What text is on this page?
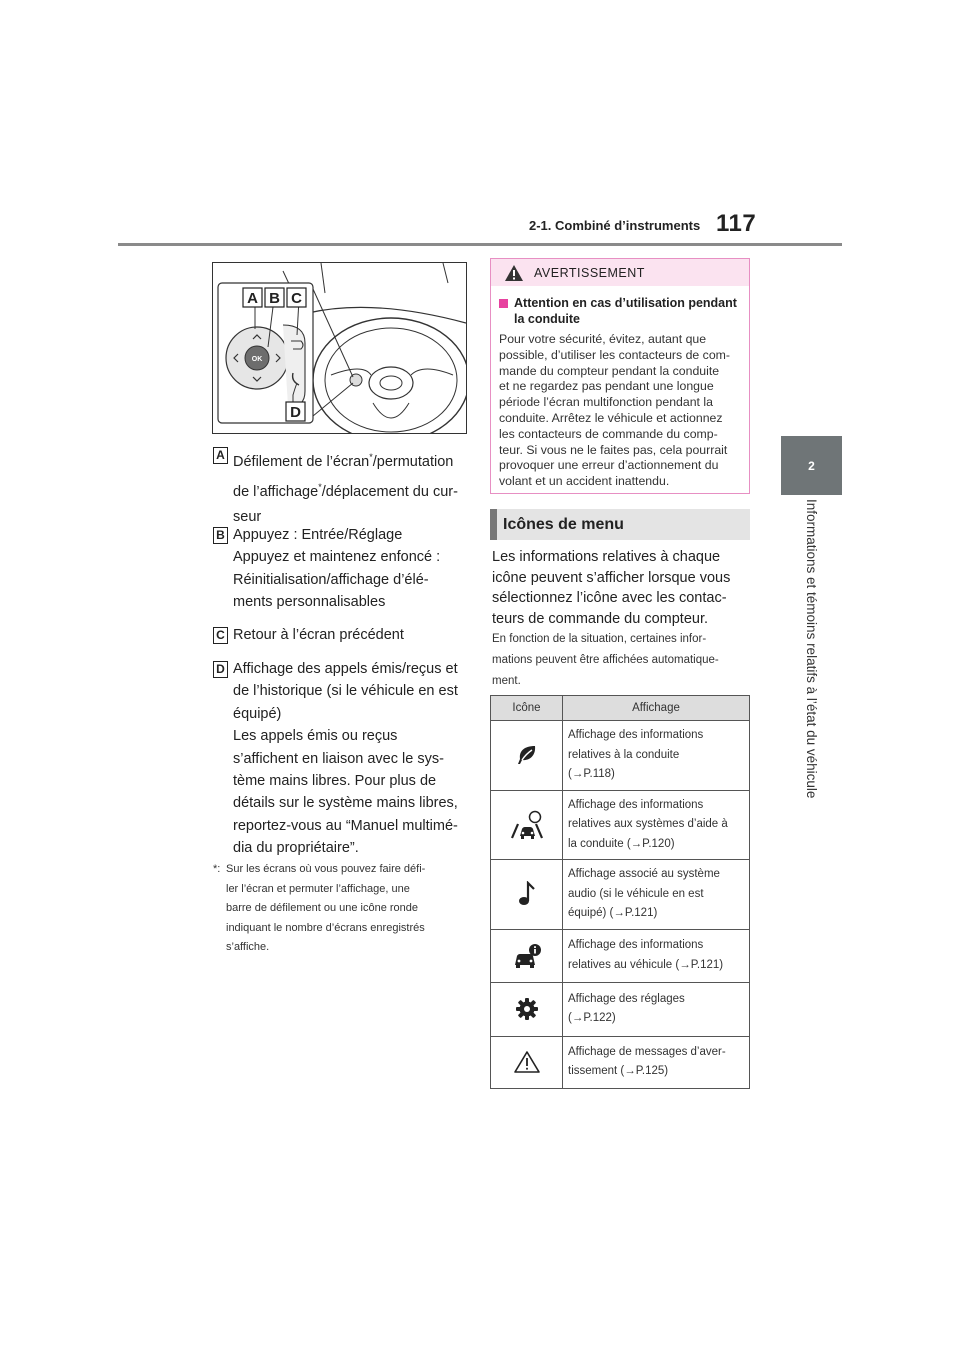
2-1. Combiné d’instruments 117
2
Informations et témoins relatifs à l’état du véhicule
OK
A B C
D
A Défilement de l’écran*/permutation

de l’affichage*/déplacement du cur-

seur

B Appuyez : Entrée/Réglage

Appuyez et maintenez enfoncé :

Réinitialisation/affichage d’élé-

ments personnalisables

C Retour à l’écran précédent

D Affichage des appels émis/reçus et

de l’historique (si le véhicule en est

équipé)

Les appels émis ou reçus

s’affichent en liaison avec le sys-

tème mains libres. Pour plus de

détails sur le système mains libres,

reportez-vous au “Manuel multimé-

dia du propriétaire”.

*: Sur les écrans où vous pouvez faire défi-
ler l’écran et permuter l’affichage, une
barre de défilement ou une icône ronde
indiquant le nombre d’écrans enregistrés
s’affiche.
AVERTISSEMENT
Attention en cas d’utilisation pendant
la conduite
Pour votre sécurité, évitez, autant que
possible, d’utiliser les contacteurs de com-
mande du compteur pendant la conduite
et ne regardez pas pendant une longue
période l’écran multifonction pendant la
conduite. Arrêtez le véhicule et actionnez
les contacteurs de commande du comp-
teur. Si vous ne le faites pas, cela pourrait
provoquer une erreur d’actionnement du
volant et un accident inattendu.
Icônes de menu
Les informations relatives à chaque
icône peuvent s’afficher lorsque vous
sélectionnez l’icône avec les contac-
teurs de commande du compteur.
En fonction de la situation, certaines infor-
mations peuvent être affichées automatique-
ment.
Icône	Affichage

Affichage des informations
relatives à la conduite
(→P.118)

Affichage des informations
relatives aux systèmes d’aide à
la conduite (→P.120)

Affichage associé au système
audio (si le véhicule en est
équipé) (→P.121)

Affichage des informations
relatives au véhicule (→P.121)

Affichage des réglages
(→P.122)

Affichage de messages d’aver-
tissement (→P.125)
